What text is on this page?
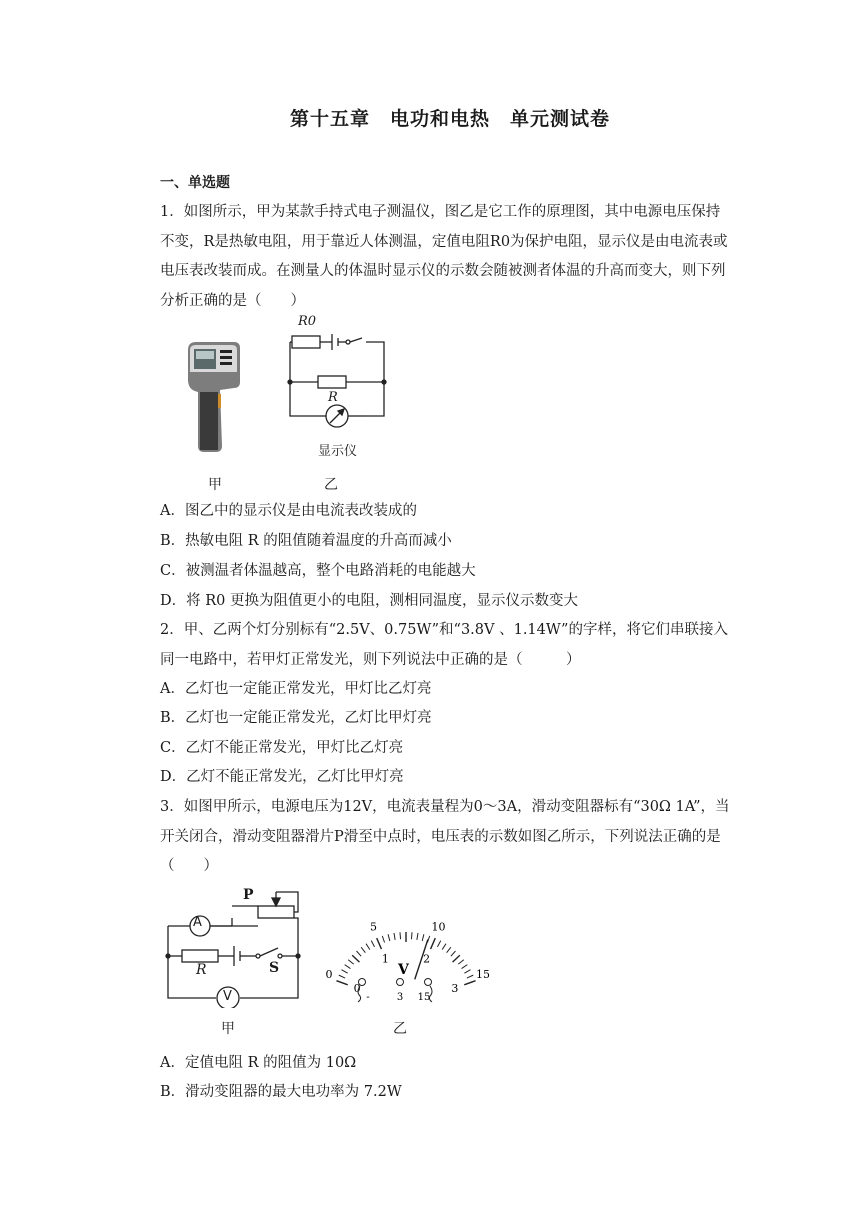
第十五章　电功和电热　单元测试卷
一、单选题
1．如图所示，甲为某款手持式电子测温仪，图乙是它工作的原理图，其中电源电压保持不变，R是热敏电阻，用于靠近人体测温，定值电阻R0为保护电阻，显示仪是由电流表或电压表改装而成。在测量人的体温时显示仪的示数会随被测者体温的升高而变大，则下列分析正确的是（　　）
R0
R
显示仪
甲	乙
A．图乙中的显示仪是由电流表改装成的
B．热敏电阻 R 的阻值随着温度的升高而减小
C．被测温者体温越高，整个电路消耗的电能越大
D．将 R0 更换为阻值更小的电阻，测相同温度，显示仪示数变大
2．甲、乙两个灯分别标有“2.5V、0.75W”和“3.8V 、1.14W”的字样，将它们串联接入同一电路中，若甲灯正常发光，则下列说法中正确的是（　　　）
A．乙灯也一定能正常发光，甲灯比乙灯亮
B．乙灯也一定能正常发光，乙灯比甲灯亮
C．乙灯不能正常发光，甲灯比乙灯亮
D．乙灯不能正常发光，乙灯比甲灯亮
3．如图甲所示，电源电压为12V，电流表量程为0～3A，滑动变阻器标有“30Ω 1A”，当开关闭合，滑动变阻器滑片P滑至中点时，电压表的示数如图乙所示，下列说法正确的是（　　）
A
P
R	S
V
甲
0
5	10
15
0
1	2
3
V
-	3 15
乙
A．定值电阻 R 的阻值为 10Ω
B．滑动变阻器的最大电功率为 7.2W
